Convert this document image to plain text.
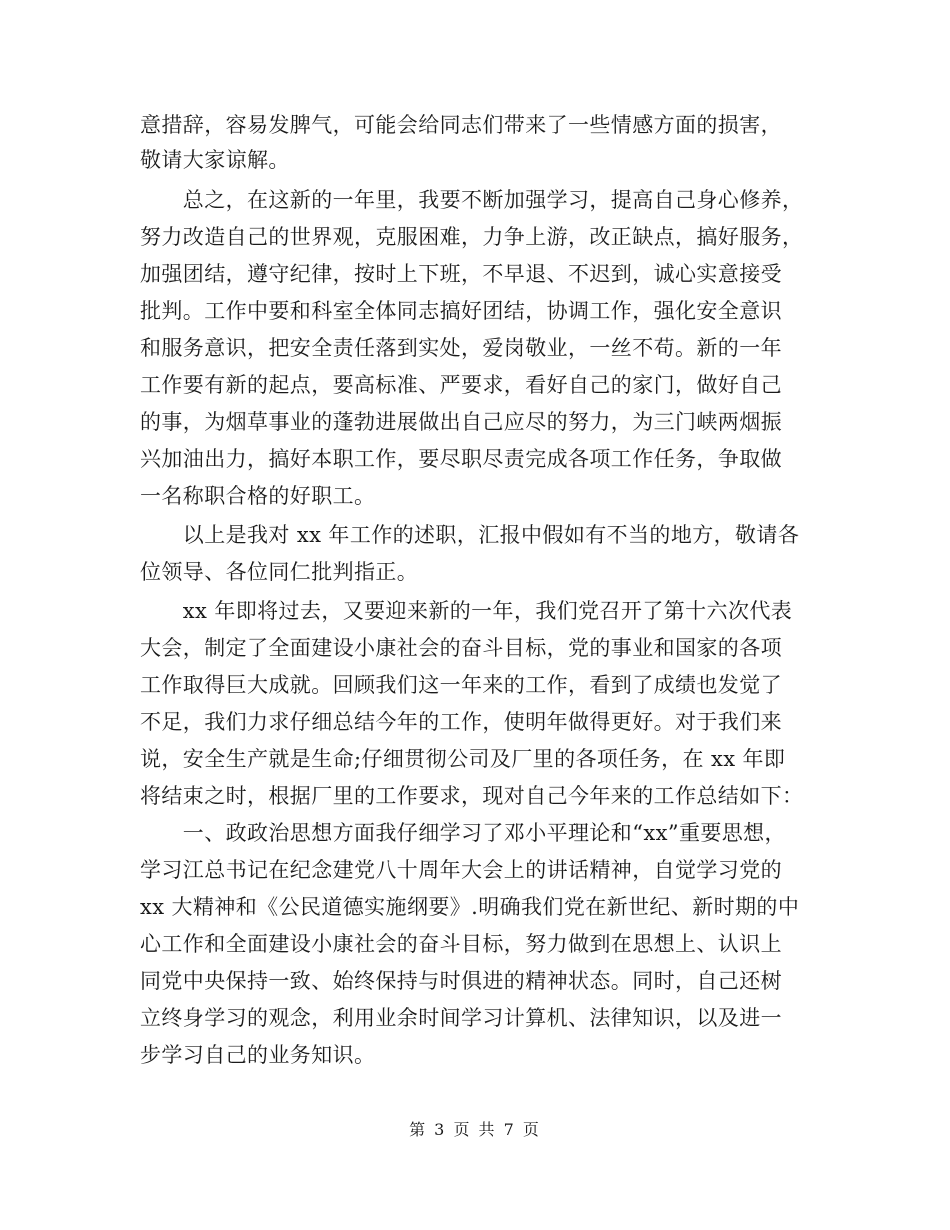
意措辞，容易发脾气，可能会给同志们带来了一些情感方面的损害，
敬请大家谅解。
　　总之，在这新的一年里，我要不断加强学习，提高自己身心修养，
努力改造自己的世界观，克服困难，力争上游，改正缺点，搞好服务，
加强团结，遵守纪律，按时上下班，不早退、不迟到，诚心实意接受
批判。工作中要和科室全体同志搞好团结，协调工作，强化安全意识
和服务意识，把安全责任落到实处，爱岗敬业，一丝不苟。新的一年
工作要有新的起点，要高标准、严要求，看好自己的家门，做好自己
的事，为烟草事业的蓬勃进展做出自己应尽的努力，为三门峡两烟振
兴加油出力，搞好本职工作，要尽职尽责完成各项工作任务，争取做
一名称职合格的好职工。
　　以上是我对 xx 年工作的述职，汇报中假如有不当的地方，敬请各
位领导、各位同仁批判指正。
　　xx 年即将过去，又要迎来新的一年，我们党召开了第十六次代表
大会，制定了全面建设小康社会的奋斗目标，党的事业和国家的各项
工作取得巨大成就。回顾我们这一年来的工作，看到了成绩也发觉了
不足，我们力求仔细总结今年的工作，使明年做得更好。对于我们来
说，安全生产就是生命;仔细贯彻公司及厂里的各项任务，在 xx 年即
将结束之时，根据厂里的工作要求，现对自己今年来的工作总结如下：
　　一、政政治思想方面我仔细学习了邓小平理论和“xx”重要思想，
学习江总书记在纪念建党八十周年大会上的讲话精神，自觉学习党的
xx 大精神和《公民道德实施纲要》.明确我们党在新世纪、新时期的中
心工作和全面建设小康社会的奋斗目标，努力做到在思想上、认识上
同党中央保持一致、始终保持与时俱进的精神状态。同时，自己还树
立终身学习的观念，利用业余时间学习计算机、法律知识，以及进一
步学习自己的业务知识。
第 3 页 共 7 页
